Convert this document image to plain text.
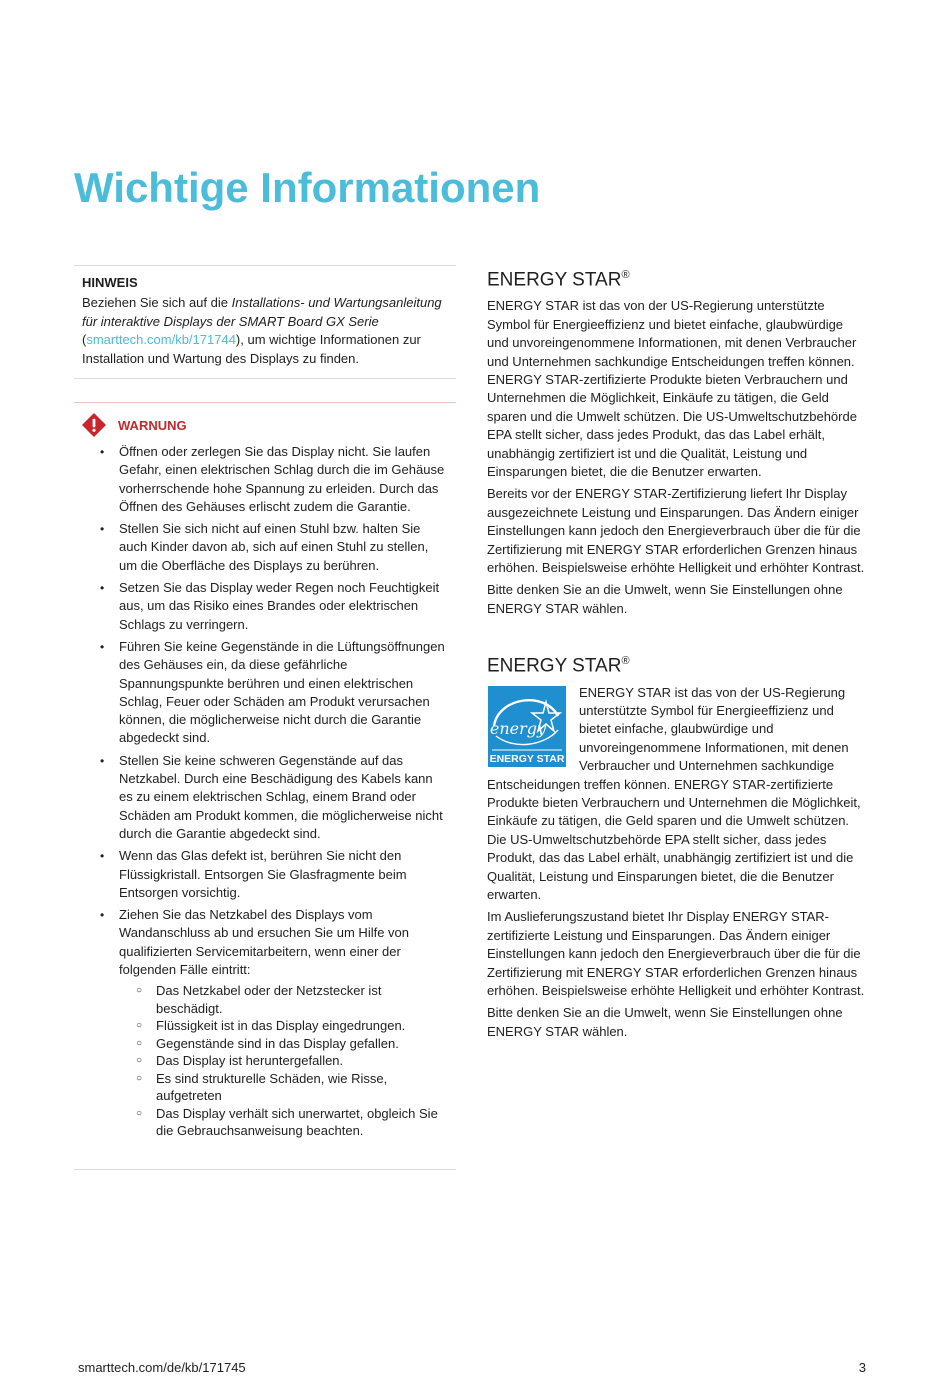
Wichtige Informationen

HINWEIS

Beziehen Sie sich auf die Installations- und Wartungsanleitung für interaktive Displays der SMART Board GX Serie (smarttech.com/kb/171744), um wichtige Informationen zur Installation und Wartung des Displays zu finden.

WARNUNG
• Öffnen oder zerlegen Sie das Display nicht. Sie laufen Gefahr, einen elektrischen Schlag durch die im Gehäuse vorherrschende hohe Spannung zu erleiden. Durch das Öffnen des Gehäuses erlischt zudem die Garantie.
• Stellen Sie sich nicht auf einen Stuhl bzw. halten Sie auch Kinder davon ab, sich auf einen Stuhl zu stellen, um die Oberfläche des Displays zu berühren.
• Setzen Sie das Display weder Regen noch Feuchtigkeit aus, um das Risiko eines Brandes oder elektrischen Schlags zu verringern.
• Führen Sie keine Gegenstände in die Lüftungsöffnungen des Gehäuses ein, da diese gefährliche Spannungspunkte berühren und einen elektrischen Schlag, Feuer oder Schäden am Produkt verursachen können, die möglicherweise nicht durch die Garantie abgedeckt sind.
• Stellen Sie keine schweren Gegenstände auf das Netzkabel. Durch eine Beschädigung des Kabels kann es zu einem elektrischen Schlag, einem Brand oder Schäden am Produkt kommen, die möglicherweise nicht durch die Garantie abgedeckt sind.
• Wenn das Glas defekt ist, berühren Sie nicht den Flüssigkristall. Entsorgen Sie Glasfragmente beim Entsorgen vorsichtig.
• Ziehen Sie das Netzkabel des Displays vom Wandanschluss ab und ersuchen Sie um Hilfe von qualifizierten Servicemitarbeitern, wenn einer der folgenden Fälle eintritt:
○ Das Netzkabel oder der Netzstecker ist beschädigt.
○ Flüssigkeit ist in das Display eingedrungen.
○ Gegenstände sind in das Display gefallen.
○ Das Display ist heruntergefallen.
○ Es sind strukturelle Schäden, wie Risse, aufgetreten
○ Das Display verhält sich unerwartet, obgleich Sie die Gebrauchsanweisung beachten.
ENERGY STAR®

ENERGY STAR ist das von der US-Regierung unterstützte Symbol für Energieeffizienz und bietet einfache, glaubwürdige und unvoreingenommene Informationen, mit denen Verbraucher und Unternehmen sachkundige Entscheidungen treffen können. ENERGY STAR-zertifizierte Produkte bieten Verbrauchern und Unternehmen die Möglichkeit, Einkäufe zu tätigen, die Geld sparen und die Umwelt schützen. Die US-Umweltschutzbehörde EPA stellt sicher, dass jedes Produkt, das das Label erhält, unabhängig zertifiziert ist und die Qualität, Leistung und Einsparungen bietet, die die Benutzer erwarten.

Bereits vor der ENERGY STAR-Zertifizierung liefert Ihr Display ausgezeichnete Leistung und Einsparungen. Das Ändern einiger Einstellungen kann jedoch den Energieverbrauch über die für die Zertifizierung mit ENERGY STAR erforderlichen Grenzen hinaus erhöhen. Beispielsweise erhöhte Helligkeit und erhöhter Kontrast.

Bitte denken Sie an die Umwelt, wenn Sie Einstellungen ohne ENERGY STAR wählen.

ENERGY STAR®
energy
ENERGY STAR

ENERGY STAR ist das von der US-Regierung unterstützte Symbol für Energieeffizienz und bietet einfache, glaubwürdige und unvoreingenommene Informationen, mit denen Verbraucher und Unternehmen sachkundige Entscheidungen treffen können. ENERGY STAR-zertifizierte Produkte bieten Verbrauchern und Unternehmen die Möglichkeit, Einkäufe zu tätigen, die Geld sparen und die Umwelt schützen. Die US-Umweltschutzbehörde EPA stellt sicher, dass jedes Produkt, das das Label erhält, unabhängig zertifiziert ist und die Qualität, Leistung und Einsparungen bietet, die die Benutzer erwarten.

Im Auslieferungszustand bietet Ihr Display ENERGY STAR-zertifizierte Leistung und Einsparungen. Das Ändern einiger Einstellungen kann jedoch den Energieverbrauch über die für die Zertifizierung mit ENERGY STAR erforderlichen Grenzen hinaus erhöhen. Beispielsweise erhöhte Helligkeit und erhöhter Kontrast.

Bitte denken Sie an die Umwelt, wenn Sie Einstellungen ohne ENERGY STAR wählen.

smarttech.com/de/kb/171745	3
